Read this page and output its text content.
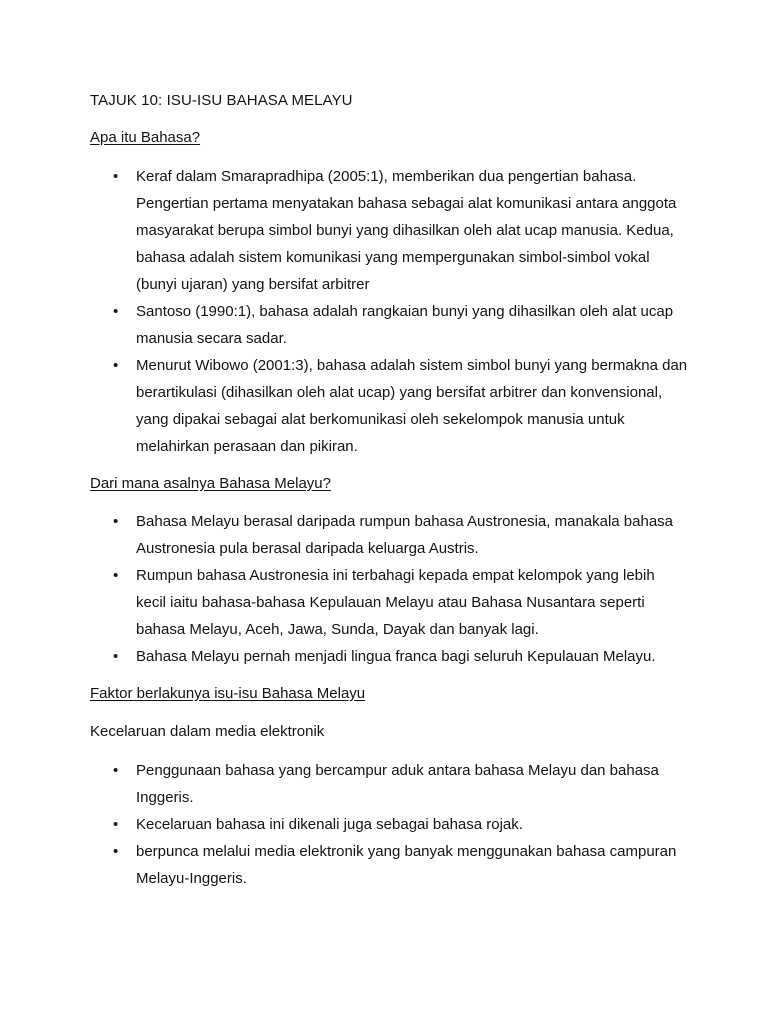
TAJUK 10: ISU-ISU BAHASA MELAYU
Apa itu Bahasa?
• Keraf dalam Smarapradhipa (2005:1), memberikan dua pengertian bahasa. Pengertian pertama menyatakan bahasa sebagai alat komunikasi antara anggota masyarakat berupa simbol bunyi yang dihasilkan oleh alat ucap manusia. Kedua, bahasa adalah sistem komunikasi yang mempergunakan simbol-simbol vokal (bunyi ujaran) yang bersifat arbitrer
• Santoso (1990:1), bahasa adalah rangkaian bunyi yang dihasilkan oleh alat ucap manusia secara sadar.
• Menurut Wibowo (2001:3), bahasa adalah sistem simbol bunyi yang bermakna dan berartikulasi (dihasilkan oleh alat ucap) yang bersifat arbitrer dan konvensional, yang dipakai sebagai alat berkomunikasi oleh sekelompok manusia untuk melahirkan perasaan dan pikiran.
Dari mana asalnya Bahasa Melayu?
• Bahasa Melayu berasal daripada rumpun bahasa Austronesia, manakala bahasa Austronesia pula berasal daripada keluarga Austris.
• Rumpun bahasa Austronesia ini terbahagi kepada empat kelompok yang lebih kecil iaitu bahasa-bahasa Kepulauan Melayu atau Bahasa Nusantara seperti bahasa Melayu, Aceh, Jawa, Sunda, Dayak dan banyak lagi.
• Bahasa Melayu pernah menjadi lingua franca bagi seluruh Kepulauan Melayu.
Faktor berlakunya isu-isu Bahasa Melayu

Kecelaruan dalam media elektronik

• Penggunaan bahasa yang bercampur aduk antara bahasa Melayu dan bahasa Inggeris.
• Kecelaruan bahasa ini dikenali juga sebagai bahasa rojak.
• berpunca melalui media elektronik yang banyak menggunakan bahasa campuran Melayu-Inggeris.
